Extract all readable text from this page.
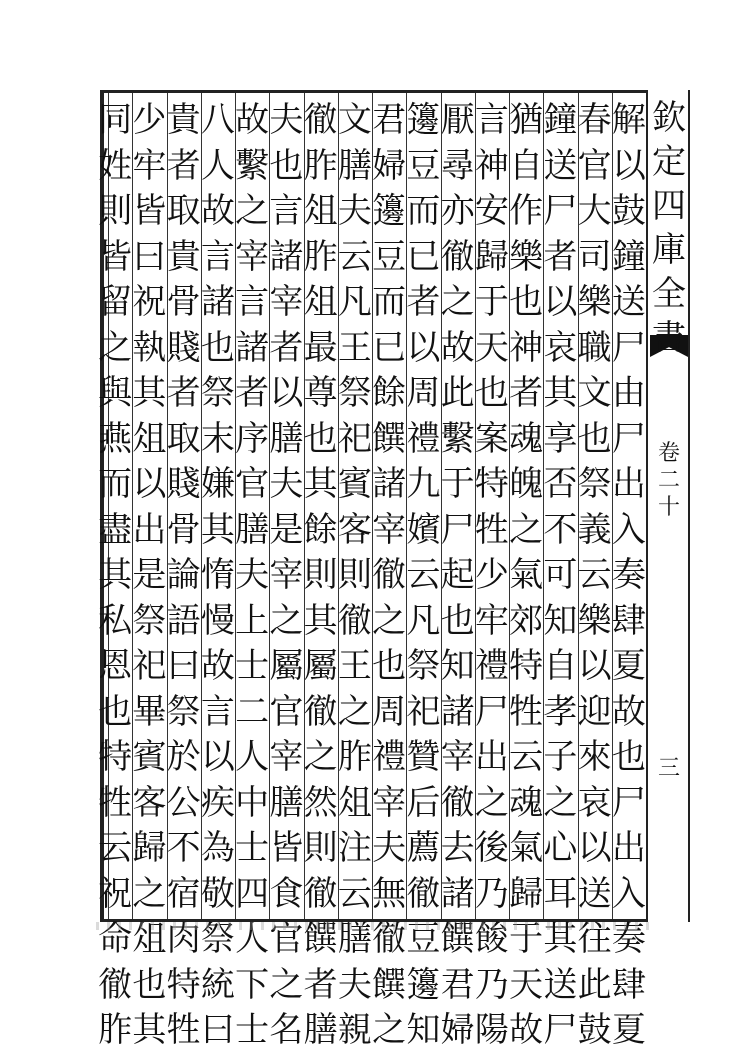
欽
定
四
庫
全
書
卷
二
十
三
解
以
鼓
鐘
送
尸
由
尸
出
入
奏
肆
夏
故
也
尸
出
入
奏
肆
夏
春
官
大
司
樂
職
文
也
祭
義
云
樂
以
迎
來
哀
以
送
往
此
鼓
鐘
送
尸
者
以
哀
其
享
否
不
可
知
自
孝
子
之
心
耳
其
送
尸
猶
自
作
樂
也
神
者
魂
魄
之
氣
郊
特
牲
云
魂
氣
歸
于
天
故
言
神
安
歸
于
天
也
案
特
牲
少
牢
禮
尸
出
之
後
乃
餕
乃
陽
厭
尋
亦
徹
之
故
此
繫
于
尸
起
也
知
諸
宰
徹
去
諸
饌
君
婦
籩
豆
而
已
者
以
周
禮
九
嬪
云
凡
祭
祀
贊
后
薦
徹
豆
籩
知
君
婦
籩
豆
而
已
餘
饌
諸
宰
徹
之
也
周
禮
宰
夫
無
徹
饌
之
文
膳
夫
云
凡
王
祭
祀
賓
客
則
徹
王
之
胙
俎
注
云
膳
夫
親
徹
胙
俎
胙
俎
最
尊
也
其
餘
則
其
屬
徹
之
然
則
徹
饌
者
膳
夫
也
言
諸
宰
者
以
膳
夫
是
宰
之
屬
官
宰
膳
皆
食
官
之
名
故
繫
之
宰
言
諸
者
序
官
膳
夫
上
士
二
人
中
士
四
人
下
士
八
人
故
言
諸
也
祭
末
嫌
其
惰
慢
故
言
以
疾
為
敬
祭
統
曰
貴
者
取
貴
骨
賤
者
取
賤
骨
論
語
曰
祭
於
公
不
宿
肉
特
牲
少
牢
皆
曰
祝
執
其
俎
以
出
是
祭
祀
畢
賓
客
歸
之
俎
也
其
同
姓
則
皆
留
之
與
燕
而
盡
其
私
恩
也
特
牲
云
祝
命
徹
胙
